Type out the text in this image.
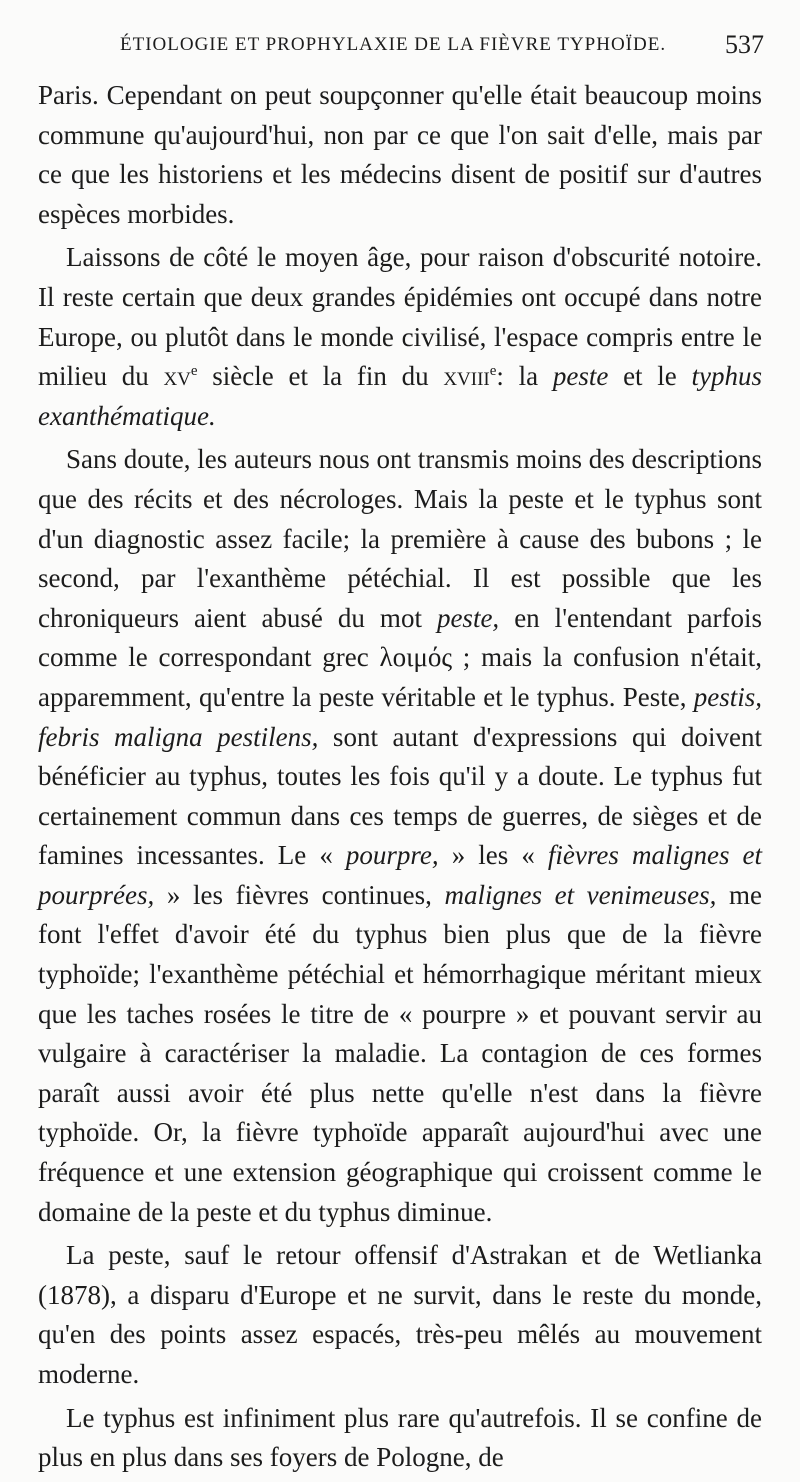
ÉTIOLOGIE ET PROPHYLAXIE DE LA FIÈVRE TYPHOÏDE. 537

Paris. Cependant on peut soupçonner qu'elle était beaucoup moins commune qu'aujourd'hui, non par ce que l'on sait d'elle, mais par ce que les historiens et les médecins disent de positif sur d'autres espèces morbides.

Laissons de côté le moyen âge, pour raison d'obscurité notoire. Il reste certain que deux grandes épidémies ont occupé dans notre Europe, ou plutôt dans le monde civilisé, l'espace compris entre le milieu du $xv^e$ siècle et la fin du xviii$^e$: la peste et le typhus exanthématique.

Sans doute, les auteurs nous ont transmis moins des descriptions que des récits et des nécrologes. Mais la peste et le typhus sont d'un diagnostic assez facile; la première à cause des bubons ; le second, par l'exanthème pétéchial. Il est possible que les chroniqueurs aient abusé du mot peste, en l'entendant parfois comme le correspondant grec λοιμός ; mais la confusion n'était, apparemment, qu'entre la peste véritable et le typhus. Peste, pestis, febris maligna pestilens, sont autant d'expressions qui doivent bénéficier au typhus, toutes les fois qu'il y a doute. Le typhus fut certainement commun dans ces temps de guerres, de sièges et de famines incessantes. Le « pourpre, » les « fièvres malignes et pourprées, » les fièvres continues, malignes et venimeuses, me font l'effet d'avoir été du typhus bien plus que de la fièvre typhoïde; l'exanthème pétéchial et hémorrhagique méritant mieux que les taches rosées le titre de « pourpre » et pouvant servir au vulgaire à caractériser la maladie. La contagion de ces formes paraît aussi avoir été plus nette qu'elle n'est dans la fièvre typhoïde. Or, la fièvre typhoïde apparaît aujourd'hui avec une fréquence et une extension géographique qui croissent comme le domaine de la peste et du typhus diminue.

La peste, sauf le retour offensif d'Astrakan et de Wetlianka (1878), a disparu d'Europe et ne survit, dans le reste du monde, qu'en des points assez espacés, très-peu mêlés au mouvement moderne.

Le typhus est infiniment plus rare qu'autrefois. Il se confine de plus en plus dans ses foyers de Pologne, de
